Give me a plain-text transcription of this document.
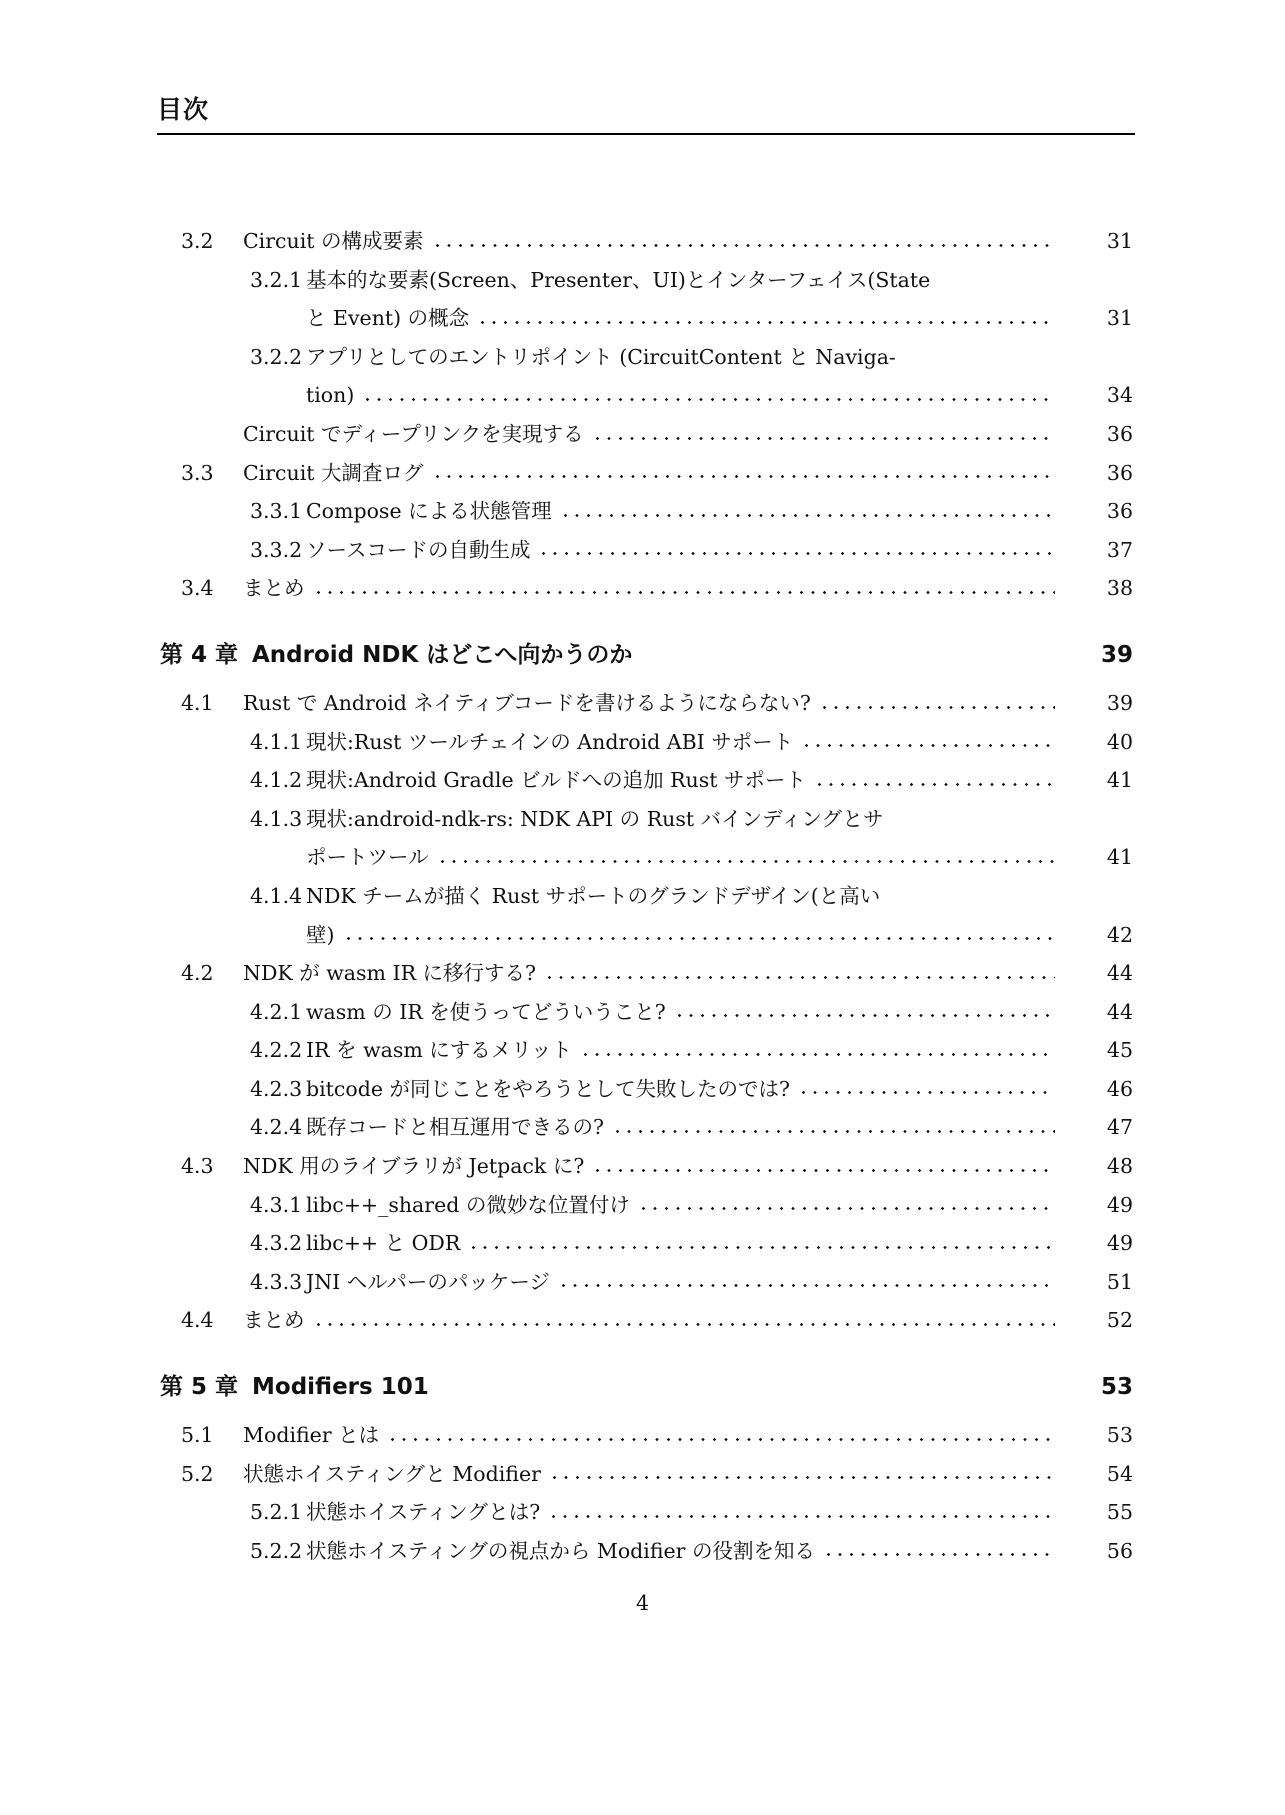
目次
3.2	Circuit の構成要素	31
3.2.1 基本的な要素(Screen、Presenter、UI)とインターフェイス(State
と Event) の概念	31
3.2.2 アプリとしてのエントリポイント (CircuitContent と Naviga-
tion)	34
Circuit でディープリンクを実現する	36
3.3	Circuit 大調査ログ	36
3.3.1 Compose による状態管理	36
3.3.2 ソースコードの自動生成	37
3.4	まとめ	38
第 4 章 Android NDK はどこへ向かうのか	39
4.1	Rust で Android ネイティブコードを書けるようにならない?	39
4.1.1 現状:Rust ツールチェインの Android ABI サポート	40
4.1.2 現状:Android Gradle ビルドへの追加 Rust サポート	41
4.1.3 現状:android-ndk-rs: NDK API の Rust バインディングとサ
ポートツール	41
4.1.4 NDK チームが描く Rust サポートのグランドデザイン(と高い
壁)	42
4.2	NDK が wasm IR に移行する?	44
4.2.1 wasm の IR を使うってどういうこと?	44
4.2.2 IR を wasm にするメリット	45
4.2.3 bitcode が同じことをやろうとして失敗したのでは?	46
4.2.4 既存コードと相互運用できるの?	47
4.3	NDK 用のライブラリが Jetpack に?	48
4.3.1 libc++_shared の微妙な位置付け	49
4.3.2 libc++ と ODR	49
4.3.3 JNI ヘルパーのパッケージ	51
4.4	まとめ	52
第 5 章 Modifiers 101	53
5.1	Modifier とは	53
5.2	状態ホイスティングと Modifier	54
5.2.1 状態ホイスティングとは?	55
5.2.2 状態ホイスティングの視点から Modifier の役割を知る	56
4
